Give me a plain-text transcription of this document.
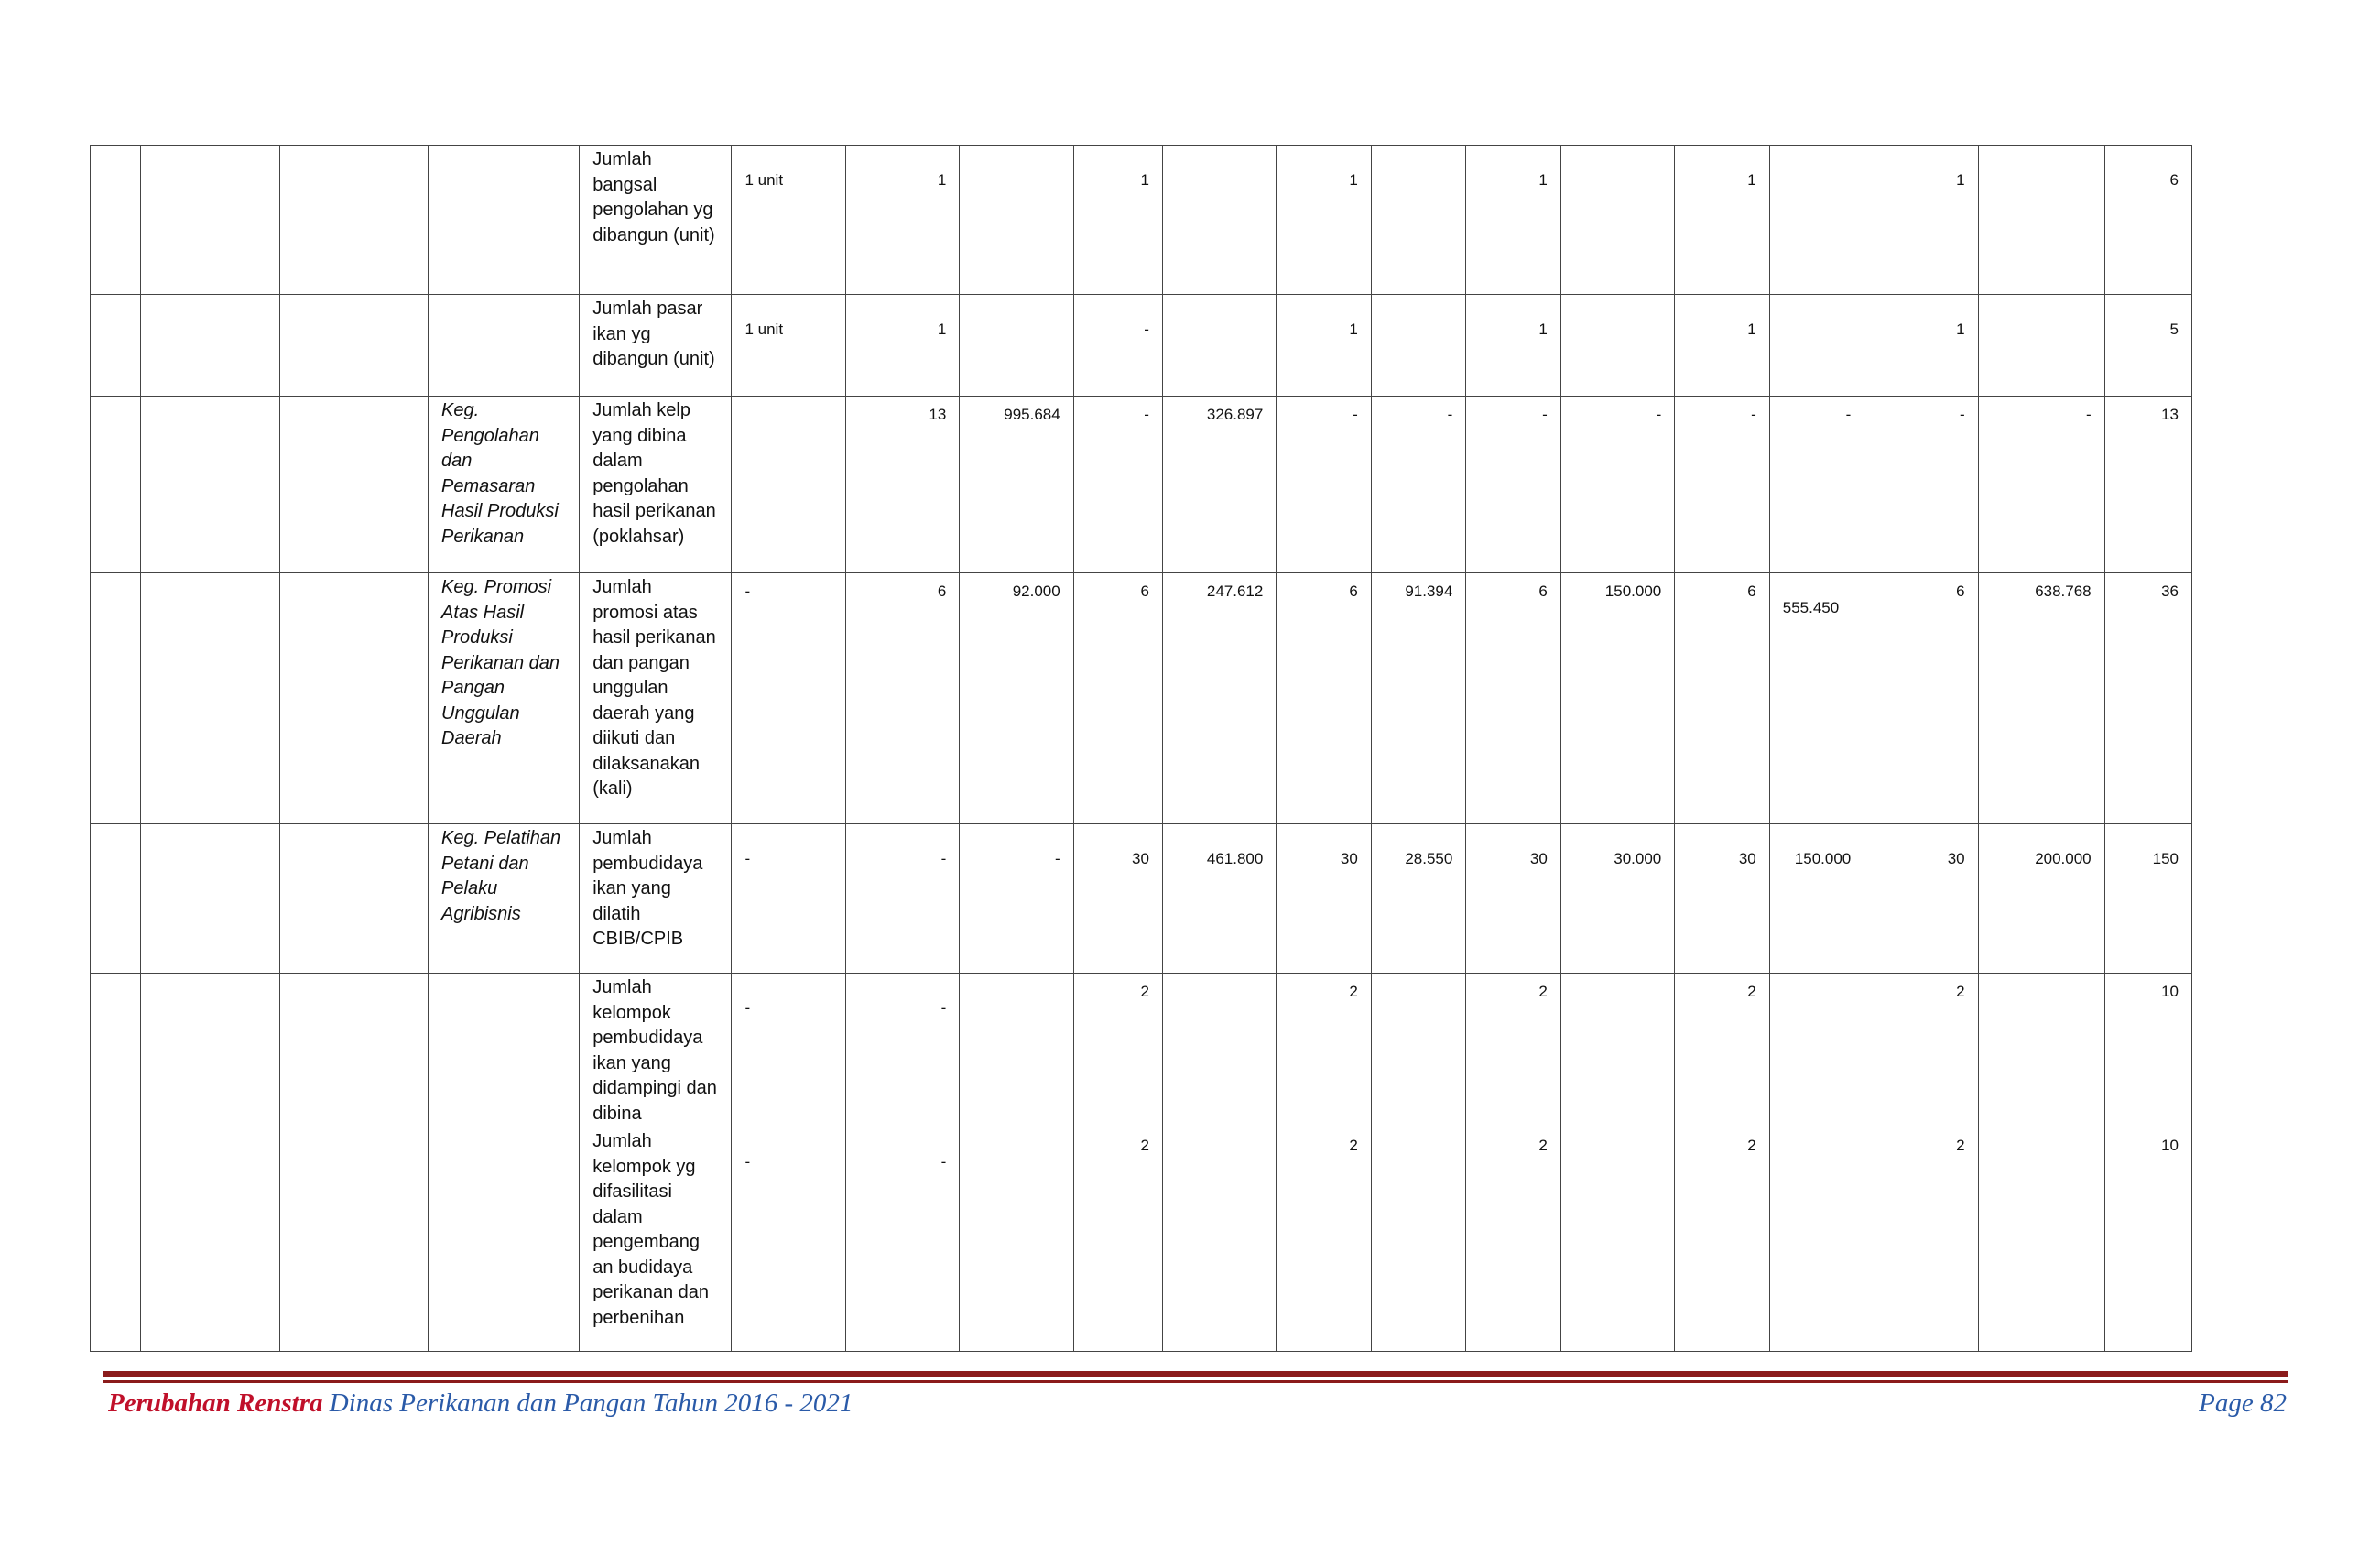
				Jumlah bangsal pengolahan yg dibangun (unit)	1 unit	1		1		1		1		1		1		6
				Jumlah pasar ikan yg dibangun (unit)	1 unit	1		-		1		1		1		1		5
			Keg. Pengolahan dan Pemasaran Hasil Produksi Perikanan	Jumlah kelp yang dibina dalam pengolahan hasil perikanan (poklahsar)		13	995.684	-	326.897	-	-	-	-	-	-	-	-	13
			Keg. Promosi Atas Hasil Produksi Perikanan dan Pangan Unggulan Daerah	Jumlah promosi atas hasil perikanan dan pangan unggulan daerah yang diikuti dan dilaksanakan (kali)	-	6	92.000	6	247.612	6	91.394	6	150.000	6	555.450	6	638.768	36
			Keg. Pelatihan Petani dan Pelaku Agribisnis	Jumlah pembudidaya ikan yang dilatih CBIB/CPIB	-	-	-	30	461.800	30	28.550	30	30.000	30	150.000	30	200.000	150
				Jumlah kelompok pembudidaya ikan yang didampingi dan dibina	-	-		2		2		2		2		2		10
				Jumlah kelompok yg difasilitasi dalam pengembang an budidaya perikanan dan perbenihan	-	-		2		2		2		2		2		10
Perubahan Renstra Dinas Perikanan dan Pangan Tahun 2016 - 2021	Page 82
